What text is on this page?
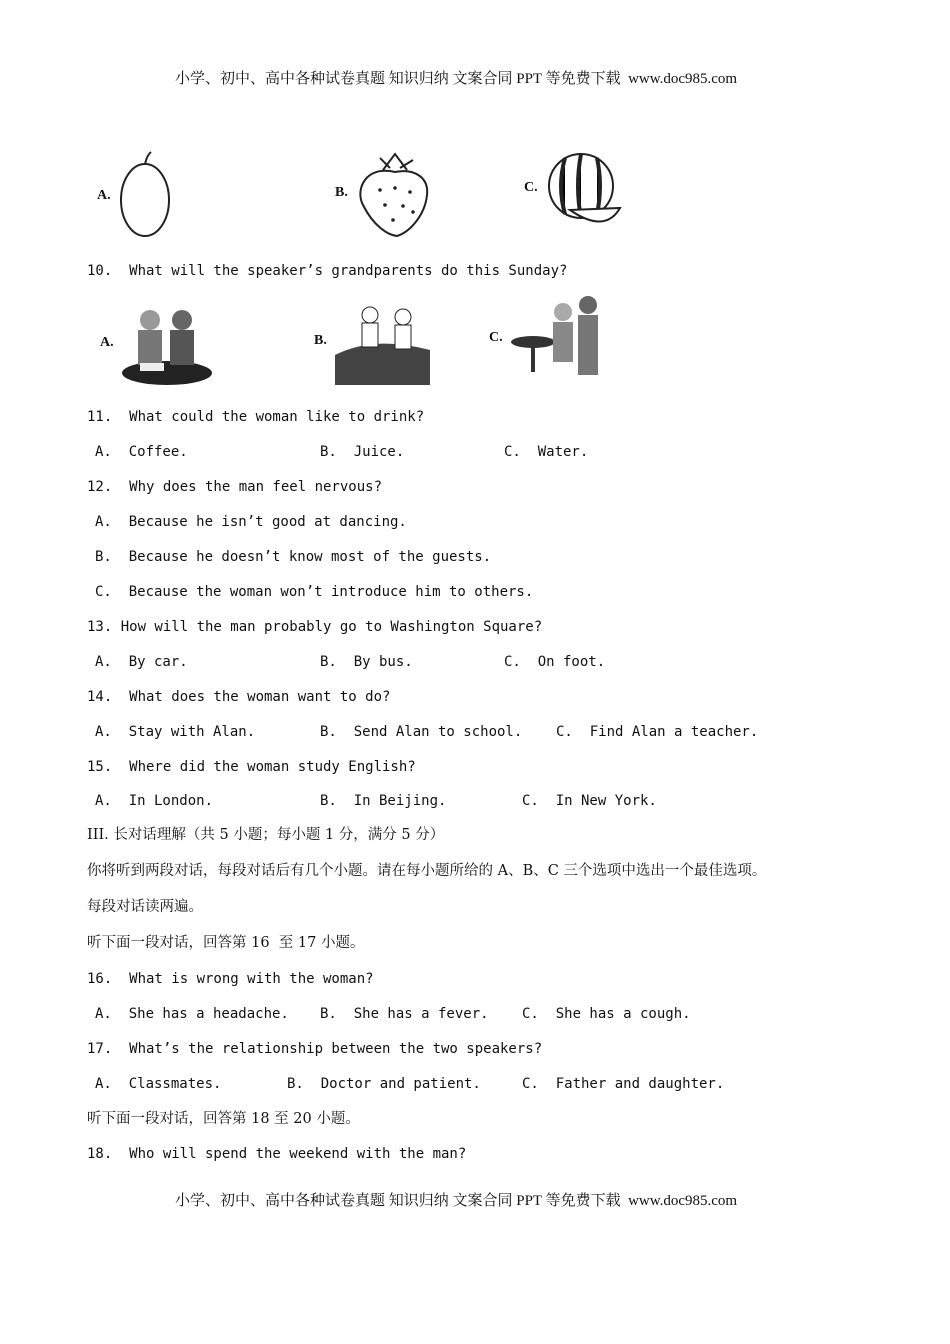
小学、初中、高中各种试卷真题 知识归纳 文案合同 PPT 等免费下载  www.doc985.com
A.	B.	C.
10.  What will the speaker’s grandparents do this Sunday?
A.	B.	C.
11.  What could the woman like to drink?
A.  Coffee.	B.  Juice.	C.  Water.
12.  Why does the man feel nervous?
A.  Because he isn’t good at dancing.
B.  Because he doesn’t know most of the guests.
C.  Because the woman won’t introduce him to others.
13. How will the man probably go to Washington Square?
A.  By car.	B.  By bus.	C.  On foot.
14.  What does the woman want to do?
A.  Stay with Alan.	B.  Send Alan to school. C.  Find Alan a teacher.
15.  Where did the woman study English?
A.  In London.	B.  In Beijing.	C.  In New York.
III. 长对话理解（共 5 小题；每小题 1 分，满分 5 分）
你将听到两段对话，每段对话后有几个小题。请在每小题所给的 A、B、C 三个选项中选出一个最佳选项。
每段对话读两遍。
听下面一段对话，回答第 16  至 17 小题。
16.  What is wrong with the woman?
A.  She has a headache. B.  She has a fever. C.  She has a cough.
17.  What’s the relationship between the two speakers?
A.  Classmates.	B.  Doctor and patient.	C.  Father and daughter.
听下面一段对话，回答第 18 至 20 小题。
18.  Who will spend the weekend with the man?
小学、初中、高中各种试卷真题 知识归纳 文案合同 PPT 等免费下载  www.doc985.com
